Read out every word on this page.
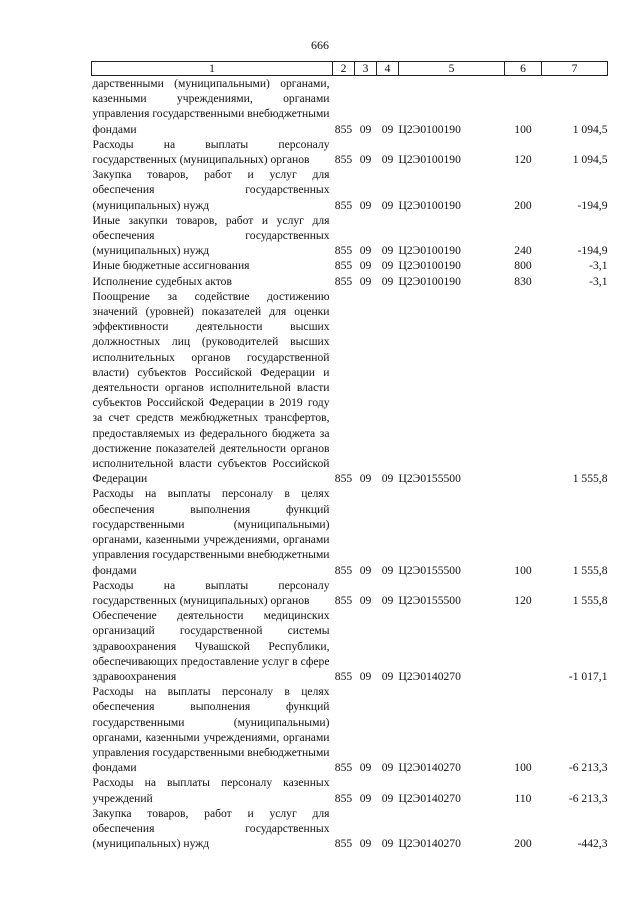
666
1	2	3	4	5	6	7
дарственными (муниципальными) органами, казенными учреждениями, органами управления государственными внебюджетными фондами	855	09	09	Ц2Э0100190	100	1 094,5
Расходы на выплаты персоналу государственных (муниципальных) органов	855	09	09	Ц2Э0100190	120	1 094,5
Закупка товаров, работ и услуг для обеспечения государственных (муниципальных) нужд	855	09	09	Ц2Э0100190	200	-194,9
Иные закупки товаров, работ и услуг для обеспечения государственных (муниципальных) нужд	855	09	09	Ц2Э0100190	240	-194,9
Иные бюджетные ассигнования	855	09	09	Ц2Э0100190	800	-3,1
Исполнение судебных актов	855	09	09	Ц2Э0100190	830	-3,1
Поощрение за содействие достижению значений (уровней) показателей для оценки эффективности деятельности высших должностных лиц (руководителей высших исполнительных органов государственной власти) субъектов Российской Федерации и деятельности органов исполнительной власти субъектов Российской Федерации в 2019 году за счет средств межбюджетных трансфертов, предоставляемых из федерального бюджета за достижение показателей деятельности органов исполнительной власти субъектов Российской Федерации	855	09	09	Ц2Э0155500		1 555,8
Расходы на выплаты персоналу в целях обеспечения выполнения функций государственными (муниципальными) органами, казенными учреждениями, органами управления государственными внебюджетными фондами	855	09	09	Ц2Э0155500	100	1 555,8
Расходы на выплаты персоналу государственных (муниципальных) органов	855	09	09	Ц2Э0155500	120	1 555,8
Обеспечение деятельности медицинских организаций государственной системы здравоохранения Чувашской Республики, обеспечивающих предоставление услуг в сфере здравоохранения	855	09	09	Ц2Э0140270		-1 017,1
Расходы на выплаты персоналу в целях обеспечения выполнения функций государственными (муниципальными) органами, казенными учреждениями, органами управления государственными внебюджетными фондами	855	09	09	Ц2Э0140270	100	-6 213,3
Расходы на выплаты персоналу казенных учреждений	855	09	09	Ц2Э0140270	110	-6 213,3
Закупка товаров, работ и услуг для обеспечения государственных (муниципальных) нужд	855	09	09	Ц2Э0140270	200	-442,3
